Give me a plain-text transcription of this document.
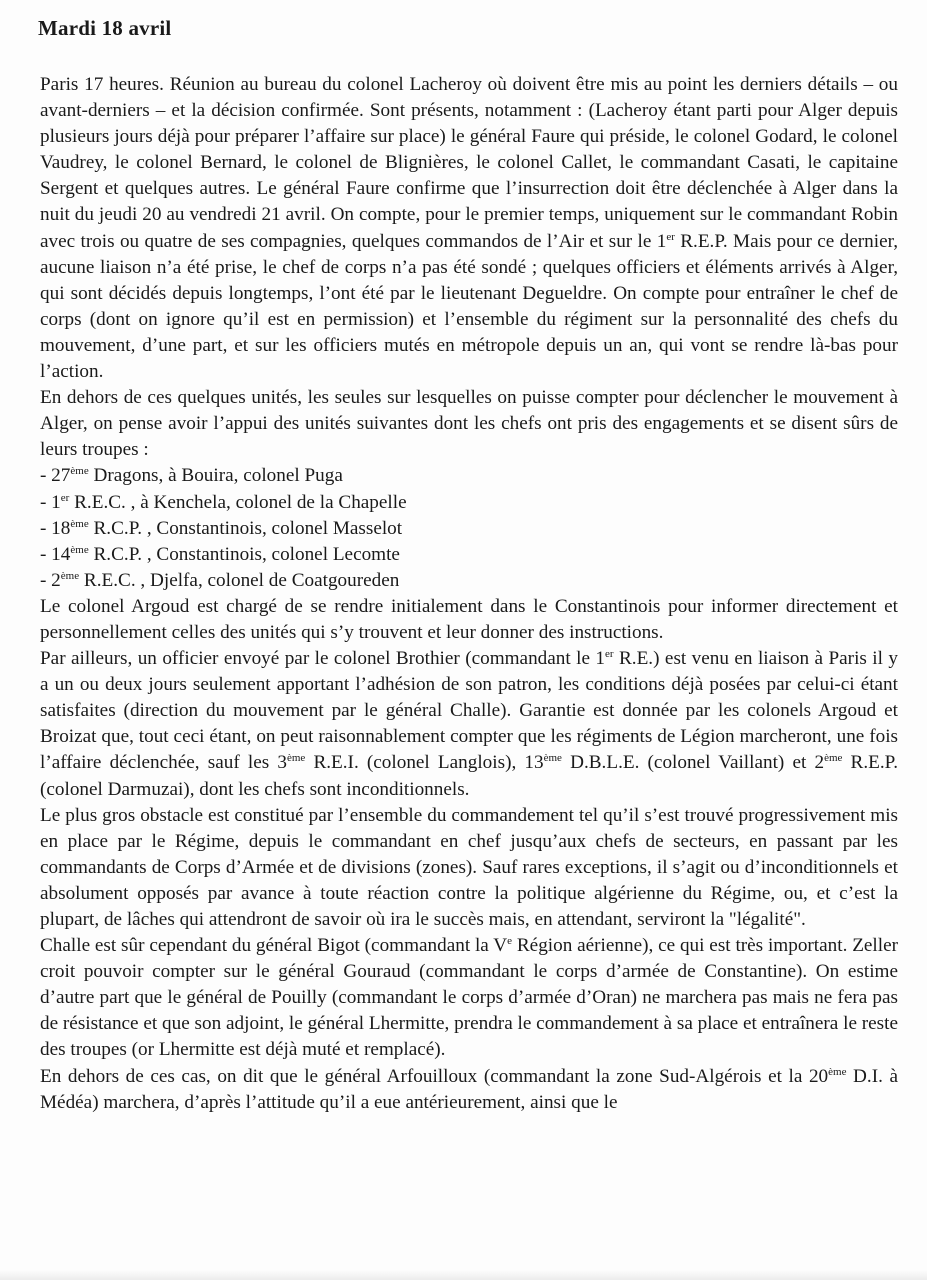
Mardi 18 avril

Paris 17 heures. Réunion au bureau du colonel Lacheroy où doivent être mis au point les derniers détails – ou avant-derniers – et la décision confirmée. Sont présents, notamment : (Lacheroy étant parti pour Alger depuis plusieurs jours déjà pour préparer l’affaire sur place) le général Faure qui préside, le colonel Godard, le colonel Vaudrey, le colonel Bernard, le colonel de Blignières, le colonel Callet, le commandant Casati, le capitaine Sergent et quelques autres. Le général Faure confirme que l’insurrection doit être déclenchée à Alger dans la nuit du jeudi 20 au vendredi 21 avril. On compte, pour le premier temps, uniquement sur le commandant Robin avec trois ou quatre de ses compagnies, quelques commandos de l’Air et sur le 1er R.E.P. Mais pour ce dernier, aucune liaison n’a été prise, le chef de corps n’a pas été sondé ; quelques officiers et éléments arrivés à Alger, qui sont décidés depuis longtemps, l’ont été par le lieutenant Degueldre. On compte pour entraîner le chef de corps (dont on ignore qu’il est en permission) et l’ensemble du régiment sur la personnalité des chefs du mouvement, d’une part, et sur les officiers mutés en métropole depuis un an, qui vont se rendre là-bas pour l’action.

En dehors de ces quelques unités, les seules sur lesquelles on puisse compter pour déclencher le mouvement à Alger, on pense avoir l’appui des unités suivantes dont les chefs ont pris des engagements et se disent sûrs de leurs troupes :

- 27ème Dragons, à Bouira, colonel Puga
- 1er R.E.C. , à Kenchela, colonel de la Chapelle
- 18ème R.C.P. , Constantinois, colonel Masselot
- 14ème R.C.P. , Constantinois, colonel Lecomte
- 2ème R.E.C. , Djelfa, colonel de Coatgoureden

Le colonel Argoud est chargé de se rendre initialement dans le Constantinois pour informer directement et personnellement celles des unités qui s’y trouvent et leur donner des instructions.

Par ailleurs, un officier envoyé par le colonel Brothier (commandant le 1er R.E.) est venu en liaison à Paris il y a un ou deux jours seulement apportant l’adhésion de son patron, les conditions déjà posées par celui-ci étant satisfaites (direction du mouvement par le général Challe). Garantie est donnée par les colonels Argoud et Broizat que, tout ceci étant, on peut raisonnablement compter que les régiments de Légion marcheront, une fois l’affaire déclenchée, sauf les 3ème R.E.I. (colonel Langlois), 13ème D.B.L.E. (colonel Vaillant) et 2ème R.E.P. (colonel Darmuzai), dont les chefs sont inconditionnels.

Le plus gros obstacle est constitué par l’ensemble du commandement tel qu’il s’est trouvé progressivement mis en place par le Régime, depuis le commandant en chef jusqu’aux chefs de secteurs, en passant par les commandants de Corps d’Armée et de divisions (zones). Sauf rares exceptions, il s’agit ou d’inconditionnels et absolument opposés par avance à toute réaction contre la politique algérienne du Régime, ou, et c’est la plupart, de lâches qui attendront de savoir où ira le succès mais, en attendant, serviront la "légalité".

Challe est sûr cependant du général Bigot (commandant la Ve Région aérienne), ce qui est très important. Zeller croit pouvoir compter sur le général Gouraud (commandant le corps d’armée de Constantine). On estime d’autre part que le général de Pouilly (commandant le corps d’armée d’Oran) ne marchera pas mais ne fera pas de résistance et que son adjoint, le général Lhermitte, prendra le commandement à sa place et entraînera le reste des troupes (or Lhermitte est déjà muté et remplacé).

En dehors de ces cas, on dit que le général Arfouilloux (commandant la zone Sud-Algérois et la 20ème D.I. à Médéa) marchera, d’après l’attitude qu’il a eue antérieurement, ainsi que le
